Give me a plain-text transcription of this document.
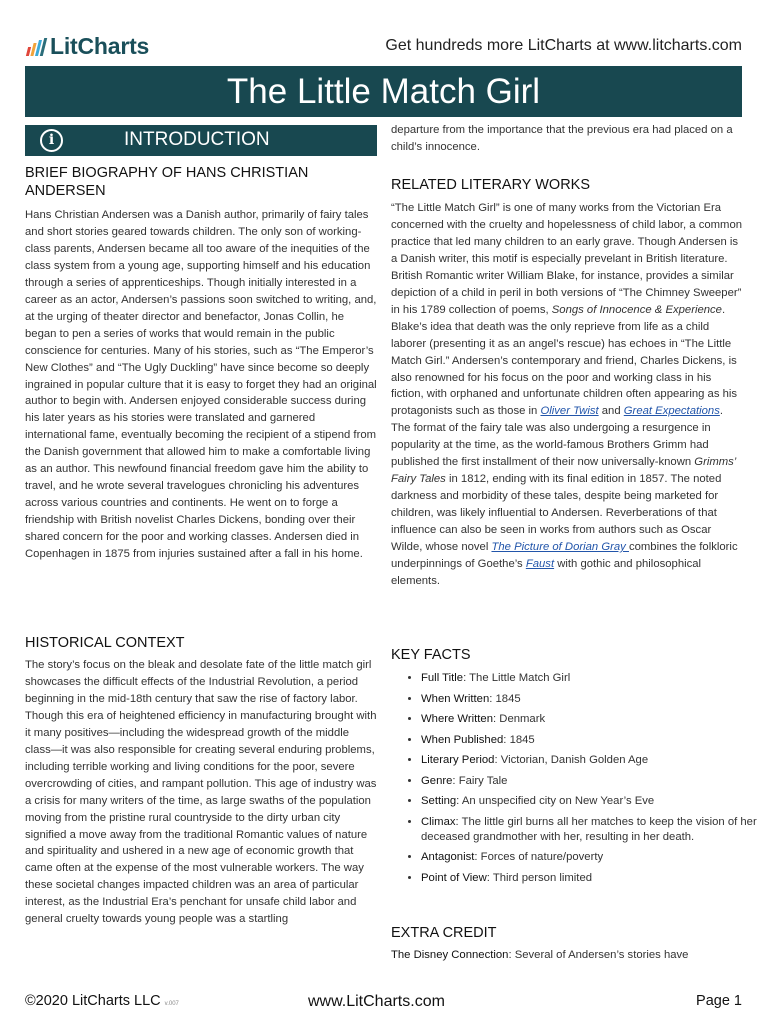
LitCharts	Get hundreds more LitCharts at www.litcharts.com
The Little Match Girl
i	INTRODUCTION
BRIEF BIOGRAPHY OF HANS CHRISTIAN ANDERSEN

Hans Christian Andersen was a Danish author, primarily of fairy tales and short stories geared towards children. The only son of working-class parents, Andersen became all too aware of the inequities of the class system from a young age, supporting himself and his education through a series of apprenticeships. Though initially interested in a career as an actor, Andersen’s passions soon switched to writing, and, at the urging of theater director and benefactor, Jonas Collin, he began to pen a series of works that would remain in the public conscience for centuries. Many of his stories, such as “The Emperor’s New Clothes” and “The Ugly Duckling” have since become so deeply ingrained in popular culture that it is easy to forget they had an original author to begin with. Andersen enjoyed considerable success during his later years as his stories were translated and garnered international fame, eventually becoming the recipient of a stipend from the Danish government that allowed him to make a comfortable living as an author. This newfound financial freedom gave him the ability to travel, and he wrote several travelogues chronicling his adventures across various countries and continents. He went on to forge a friendship with British novelist Charles Dickens, bonding over their shared concern for the poor and working classes. Andersen died in Copenhagen in 1875 from injuries sustained after a fall in his home.

HISTORICAL CONTEXT

The story’s focus on the bleak and desolate fate of the little match girl showcases the difficult effects of the Industrial Revolution, a period beginning in the mid-18th century that saw the rise of factory labor. Though this era of heightened efficiency in manufacturing brought with it many positives—including the widespread growth of the middle class—it was also responsible for creating several enduring problems, including terrible working and living conditions for the poor, severe overcrowding of cities, and rampant pollution. This age of industry was a crisis for many writers of the time, as large swaths of the population moving from the pristine rural countryside to the dirty urban city signified a move away from the traditional Romantic values of nature and spirituality and ushered in a new age of economic growth that came often at the expense of the most vulnerable workers. The way these societal changes impacted children was an area of particular interest, as the Industrial Era’s penchant for unsafe child labor and general cruelty towards young people was a startling

departure from the importance that the previous era had placed on a child’s innocence.

RELATED LITERARY WORKS

“The Little Match Girl” is one of many works from the Victorian Era concerned with the cruelty and hopelessness of child labor, a common practice that led many children to an early grave. Though Andersen is a Danish writer, this motif is especially prevelant in British literature. British Romantic writer William Blake, for instance, provides a similar depiction of a child in peril in both versions of “The Chimney Sweeper” in his 1789 collection of poems, Songs of Innocence & Experience. Blake’s idea that death was the only reprieve from life as a child laborer (presenting it as an angel’s rescue) has echoes in “The Little Match Girl.” Andersen’s contemporary and friend, Charles Dickens, is also renowned for his focus on the poor and working class in his fiction, with orphaned and unfortunate children often appearing as his protagonists such as those in Oliver Twist and Great Expectations. The format of the fairy tale was also undergoing a resurgence in popularity at the time, as the world-famous Brothers Grimm had published the first installment of their now universally-known Grimms’ Fairy Tales in 1812, ending with its final edition in 1857. The noted darkness and morbidity of these tales, despite being marketed for children, was likely influential to Andersen. Reverberations of that influence can also be seen in works from authors such as Oscar Wilde, whose novel The Picture of Dorian Gray combines the folkloric underpinnings of Goethe’s Faust with gothic and philosophical elements.

KEY FACTS
• Full Title: The Little Match Girl
• When Written: 1845
• Where Written: Denmark
• When Published: 1845
• Literary Period: Victorian, Danish Golden Age
• Genre: Fairy Tale
• Setting: An unspecified city on New Year’s Eve
• Climax: The little girl burns all her matches to keep the vision of her deceased grandmother with her, resulting in her death.
• Antagonist: Forces of nature/poverty
• Point of View: Third person limited
EXTRA CREDIT

The Disney Connection: Several of Andersen’s stories have

©2020 LitCharts LLC v.007	www.LitCharts.com	Page 1
